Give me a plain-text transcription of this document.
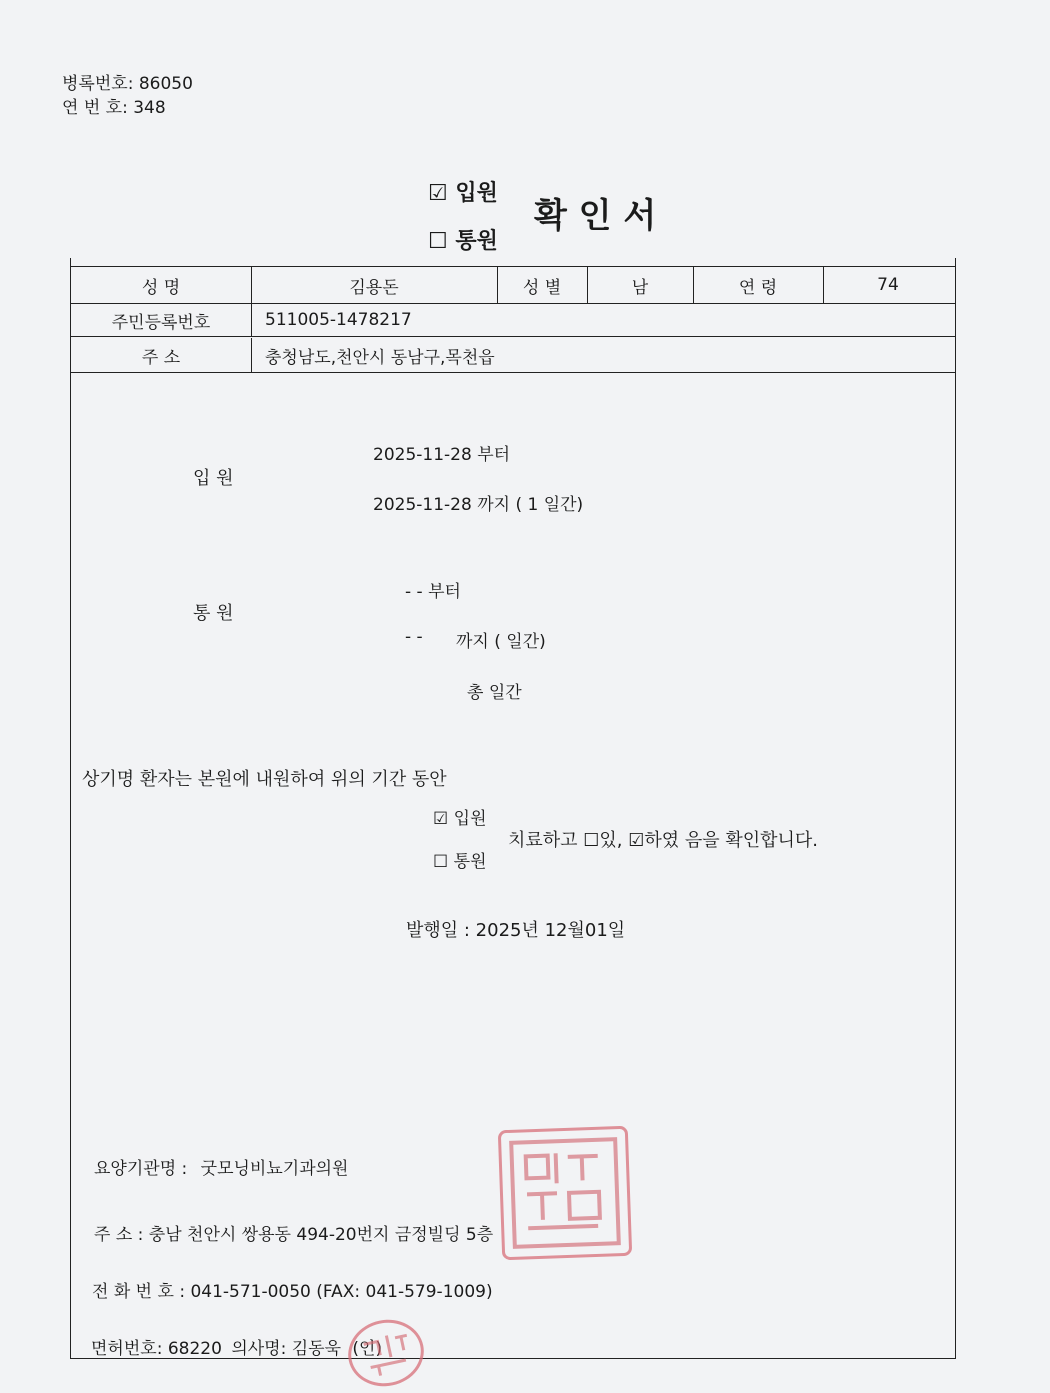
병록번호: 86050
연 번 호: 348
☑ 입원
☐ 통원
확 인 서
성 명	김용돈	성 별	남	연 령	74
주민등록번호	511005-1478217
주 소	충청남도,천안시 동남구,목천읍
입 원
2025-11-28 부터
2025-11-28 까지 ( 1 일간)
통 원
- - 부터
- - 까지 ( 일간)
총 일간
상기명 환자는 본원에 내원하여 위의 기간 동안
☑ 입원
☐ 통원
치료하고 ☐있, ☑하였 음을 확인합니다.
발행일 : 2025년 12월01일
요양기관명 : 굿모닝비뇨기과의원
주 소 : 충남 천안시 쌍용동 494-20번지 금정빌딩 5층
전 화 번 호 : 041-571-0050 (FAX: 041-579-1009)
면허번호: 68220 의사명: 김동욱 (인)
